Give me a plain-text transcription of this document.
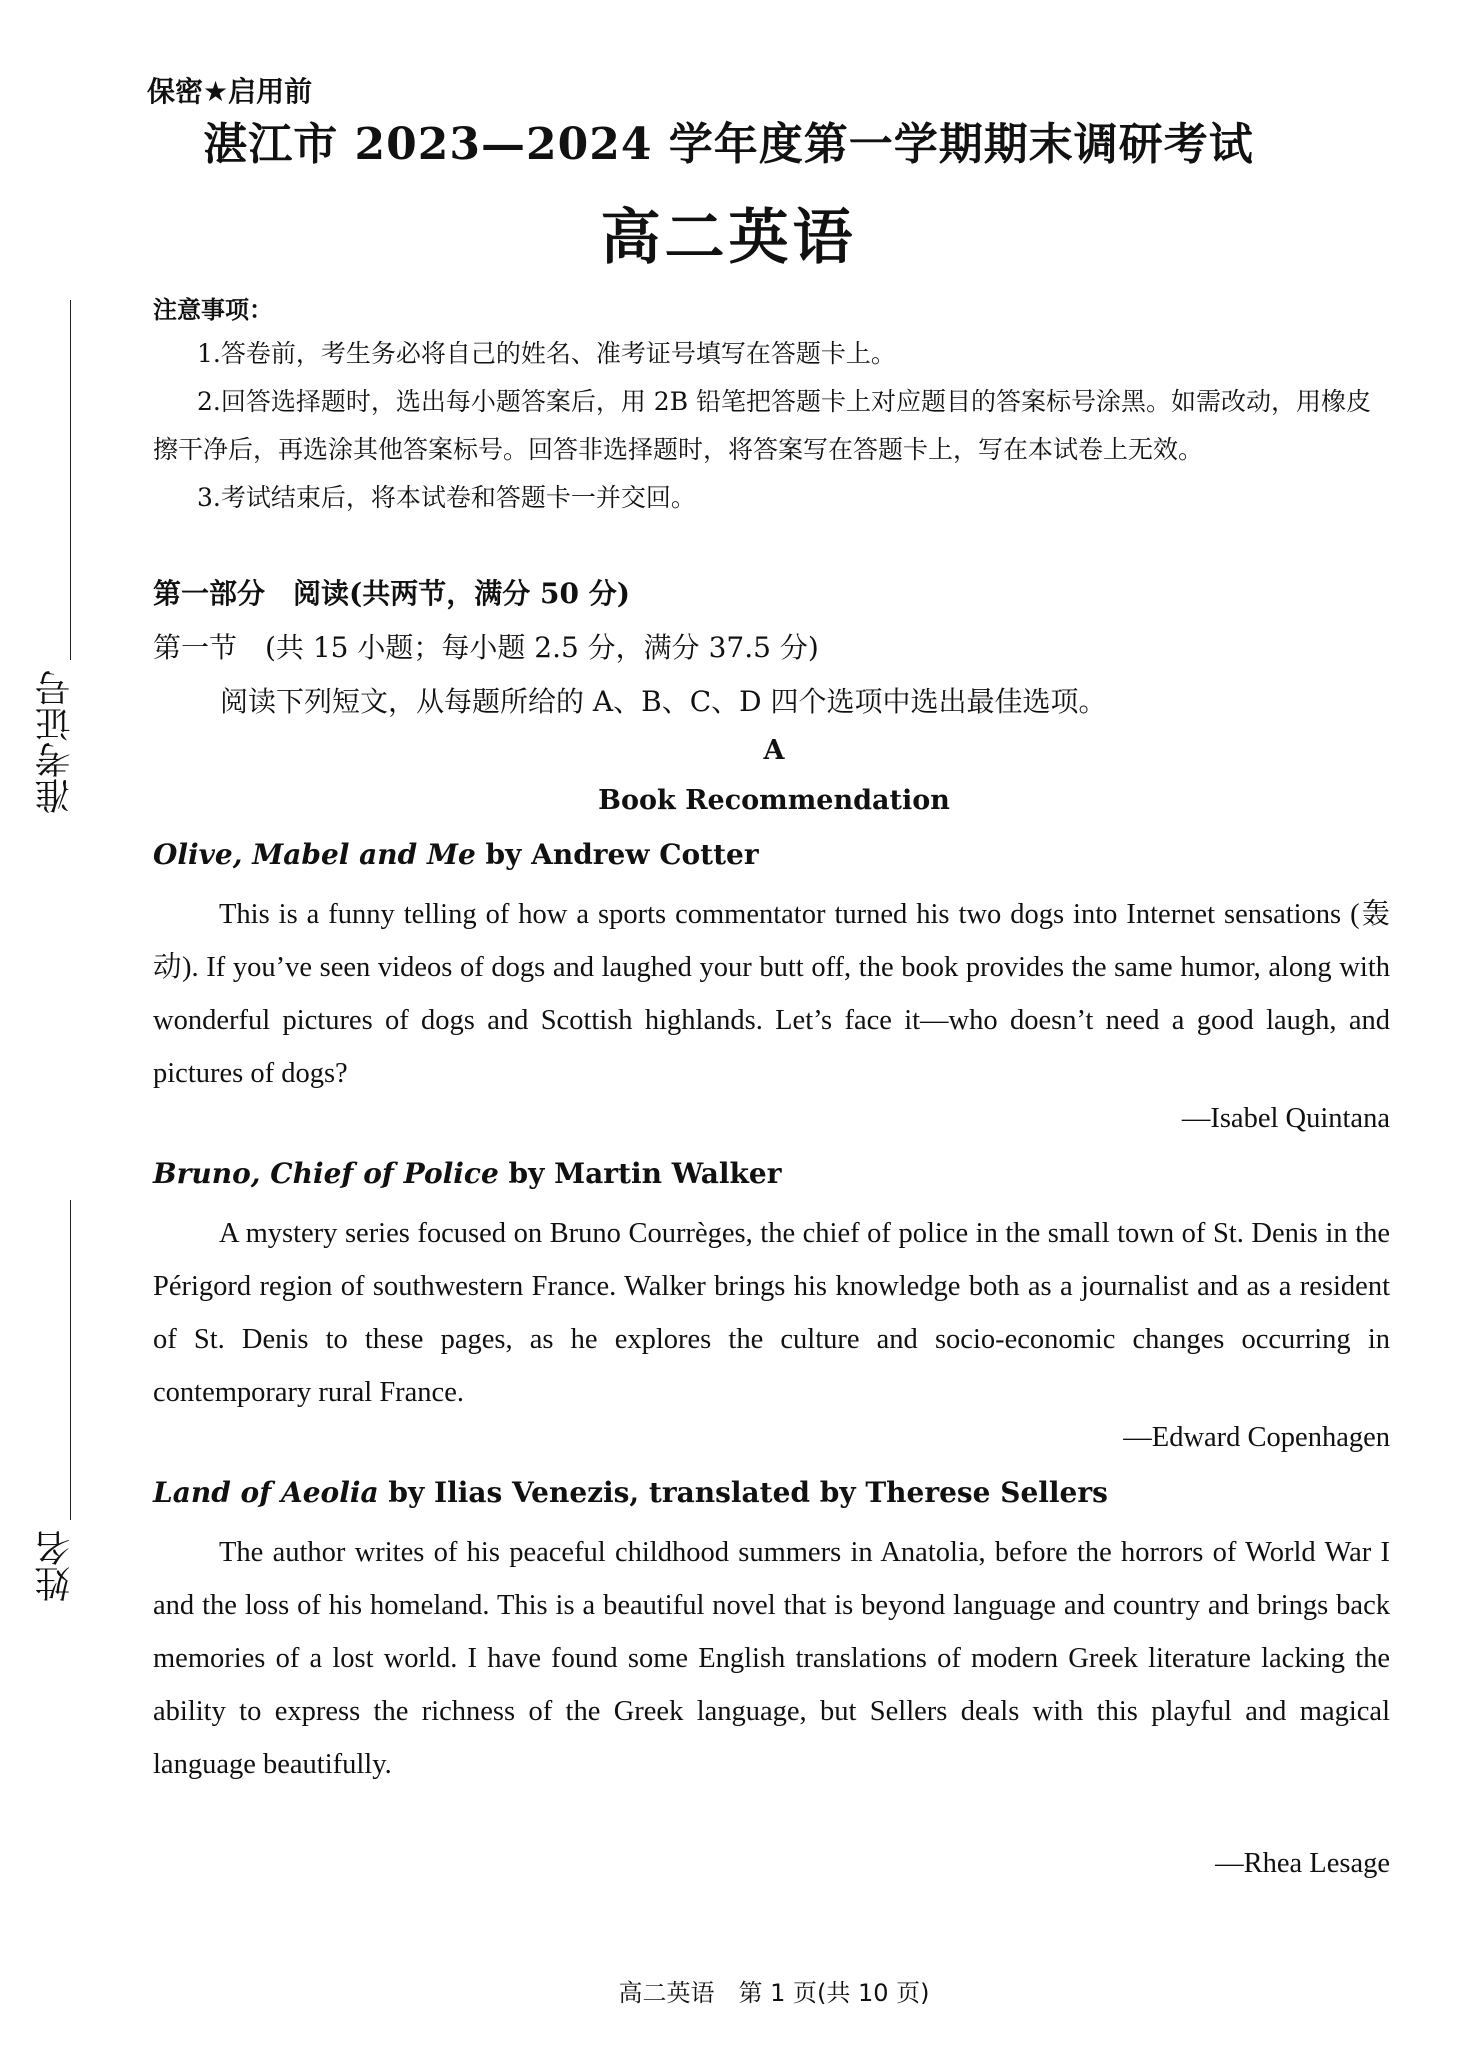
准考证号
姓名
保密★启用前
湛江市 2023—2024 学年度第一学期期末调研考试
高二英语
注意事项：
1.答卷前，考生务必将自己的姓名、准考证号填写在答题卡上。
2.回答选择题时，选出每小题答案后，用 2B 铅笔把答题卡上对应题目的答案标号涂黑。如需改动，用橡皮擦干净后，再选涂其他答案标号。回答非选择题时，将答案写在答题卡上，写在本试卷上无效。
3.考试结束后，将本试卷和答题卡一并交回。
第一部分　阅读(共两节，满分 50 分)
第一节　(共 15 小题；每小题 2.5 分，满分 37.5 分)
阅读下列短文，从每题所给的 A、B、C、D 四个选项中选出最佳选项。
A
Book Recommendation
Olive, Mabel and Me by Andrew Cotter
This is a funny telling of how a sports commentator turned his two dogs into Internet sensations (轰动). If you’ve seen videos of dogs and laughed your butt off, the book provides the same humor, along with wonderful pictures of dogs and Scottish highlands. Let’s face it—who doesn’t need a good laugh, and pictures of dogs?
—Isabel Quintana
Bruno, Chief of Police by Martin Walker
A mystery series focused on Bruno Courrèges, the chief of police in the small town of St. Denis in the Périgord region of southwestern France. Walker brings his knowledge both as a journalist and as a resident of St. Denis to these pages, as he explores the culture and socio-economic changes occurring in contemporary rural France.
—Edward Copenhagen
Land of Aeolia by Ilias Venezis, translated by Therese Sellers
The author writes of his peaceful childhood summers in Anatolia, before the horrors of World War I and the loss of his homeland. This is a beautiful novel that is beyond language and country and brings back memories of a lost world. I have found some English translations of modern Greek literature lacking the ability to express the richness of the Greek language, but Sellers deals with this playful and magical language beautifully.
—Rhea Lesage
高二英语　第 1 页(共 10 页)
